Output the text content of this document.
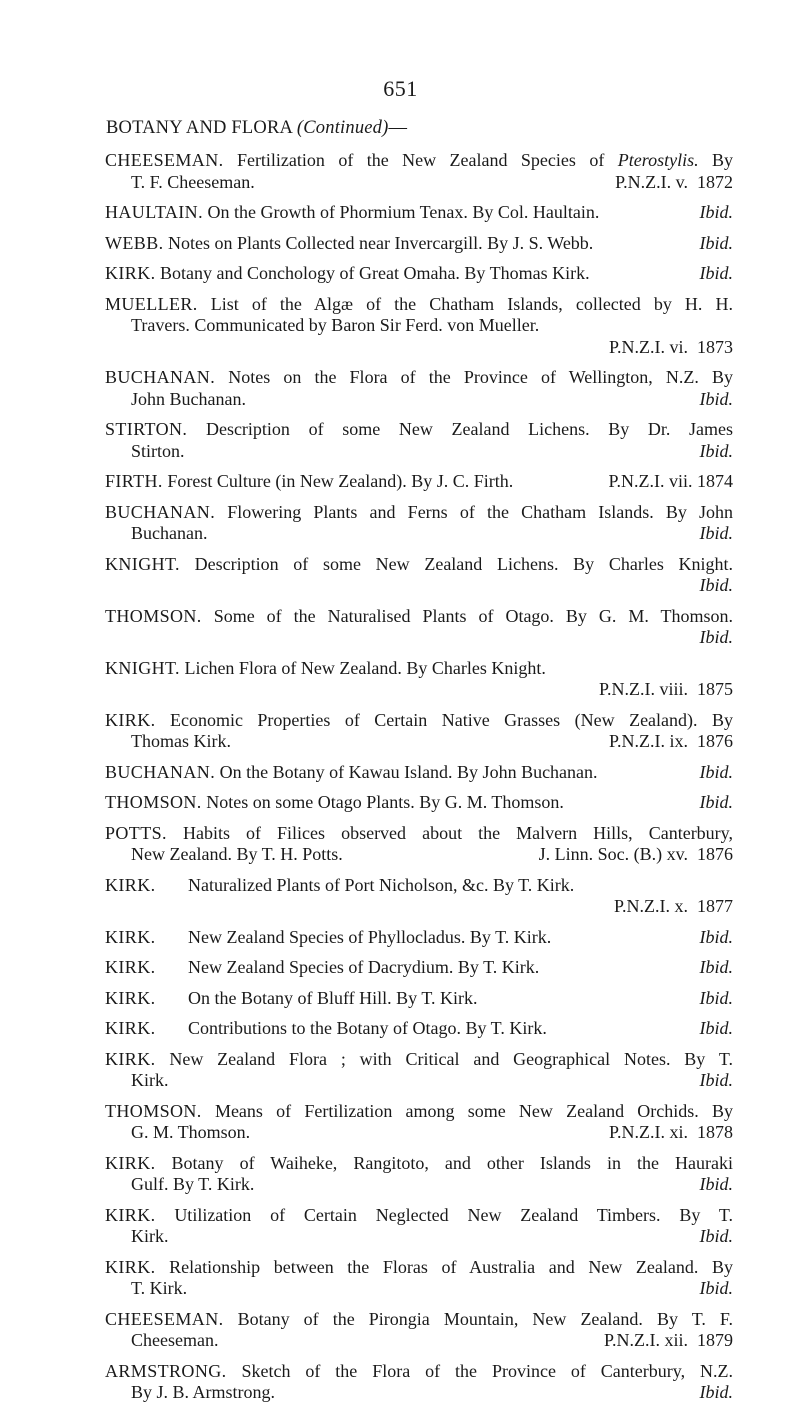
651
BOTANY AND FLORA (Continued)—
CHEESEMAN. Fertilization of the New Zealand Species of Pterostylis. By
T. F. Cheeseman.	P.N.Z.I. v. 1872
HAULTAIN. On the Growth of Phormium Tenax. By Col. Haultain.	Ibid.
WEBB. Notes on Plants Collected near Invercargill. By J. S. Webb.	Ibid.
KIRK. Botany and Conchology of Great Omaha. By Thomas Kirk.	Ibid.
MUELLER. List of the Algæ of the Chatham Islands, collected by H. H.
Travers. Communicated by Baron Sir Ferd. von Mueller.
P.N.Z.I. vi. 1873
BUCHANAN. Notes on the Flora of the Province of Wellington, N.Z. By
John Buchanan.	Ibid.
STIRTON. Description of some New Zealand Lichens. By Dr. James
Stirton.	Ibid.
FIRTH. Forest Culture (in New Zealand). By J. C. Firth.	P.N.Z.I. vii. 1874
BUCHANAN. Flowering Plants and Ferns of the Chatham Islands. By John
Buchanan.	Ibid.
KNIGHT. Description of some New Zealand Lichens. By Charles Knight.
Ibid.
THOMSON. Some of the Naturalised Plants of Otago. By G. M. Thomson.
Ibid.
KNIGHT. Lichen Flora of New Zealand. By Charles Knight.
P.N.Z.I. viii. 1875
KIRK. Economic Properties of Certain Native Grasses (New Zealand). By
Thomas Kirk.	P.N.Z.I. ix. 1876
BUCHANAN. On the Botany of Kawau Island. By John Buchanan.	Ibid.
THOMSON. Notes on some Otago Plants. By G. M. Thomson.	Ibid.
POTTS. Habits of Filices observed about the Malvern Hills, Canterbury,
New Zealand. By T. H. Potts.	J. Linn. Soc. (B.) xv. 1876
KIRK.	Naturalized Plants of Port Nicholson, &c. By T. Kirk.
P.N.Z.I. x. 1877
KIRK.	New Zealand Species of Phyllocladus. By T. Kirk.	Ibid.
KIRK.	New Zealand Species of Dacrydium. By T. Kirk.	Ibid.
KIRK.	On the Botany of Bluff Hill. By T. Kirk.	Ibid.
KIRK.	Contributions to the Botany of Otago. By T. Kirk.	Ibid.
KIRK. New Zealand Flora ; with Critical and Geographical Notes. By T.
Kirk.	Ibid.
THOMSON. Means of Fertilization among some New Zealand Orchids. By
G. M. Thomson.	P.N.Z.I. xi. 1878
KIRK. Botany of Waiheke, Rangitoto, and other Islands in the Hauraki
Gulf. By T. Kirk.	Ibid.
KIRK. Utilization of Certain Neglected New Zealand Timbers. By T.
Kirk.	Ibid.
KIRK. Relationship between the Floras of Australia and New Zealand. By
T. Kirk.	Ibid.
CHEESEMAN. Botany of the Pirongia Mountain, New Zealand. By T. F.
Cheeseman.	P.N.Z.I. xii. 1879
ARMSTRONG. Sketch of the Flora of the Province of Canterbury, N.Z.
By J. B. Armstrong.	Ibid.
